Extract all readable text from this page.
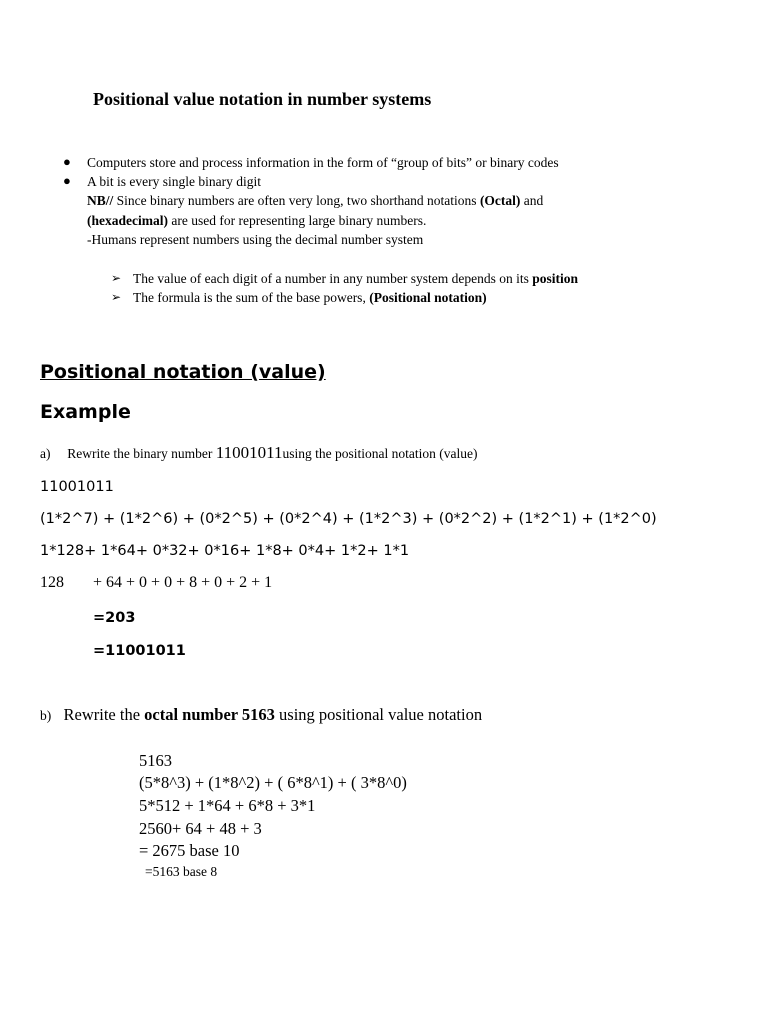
Positional value notation in number systems
● Computers store and process information in the form of “group of bits” or binary codes
● A bit is every single binary digit
NB// Since binary numbers are often very long, two shorthand notations (Octal) and
(hexadecimal) are used for representing large binary numbers.
-Humans represent numbers using the decimal number system
➢ The value of each digit of a number in any number system depends on its position
➢ The formula is the sum of the base powers, (Positional notation)
Positional notation (value)
Example
a) Rewrite the binary number 11001011using the positional notation (value)
11001011
(1*2^7) + (1*2^6) + (0*2^5) + (0*2^4) + (1*2^3) + (0*2^2) + (1*2^1) + (1*2^0)
1*128+ 1*64+ 0*32+ 0*16+ 1*8+ 0*4+ 1*2+ 1*1
128 + 64 + 0 + 0 + 8 + 0 + 2 + 1
=203
=11001011
b) Rewrite the octal number 5163 using positional value notation
5163
(5*8^3) + (1*8^2) + ( 6*8^1) + ( 3*8^0)
5*512 + 1*64 + 6*8 + 3*1
2560+ 64 + 48 + 3
= 2675 base 10
=5163 base 8
